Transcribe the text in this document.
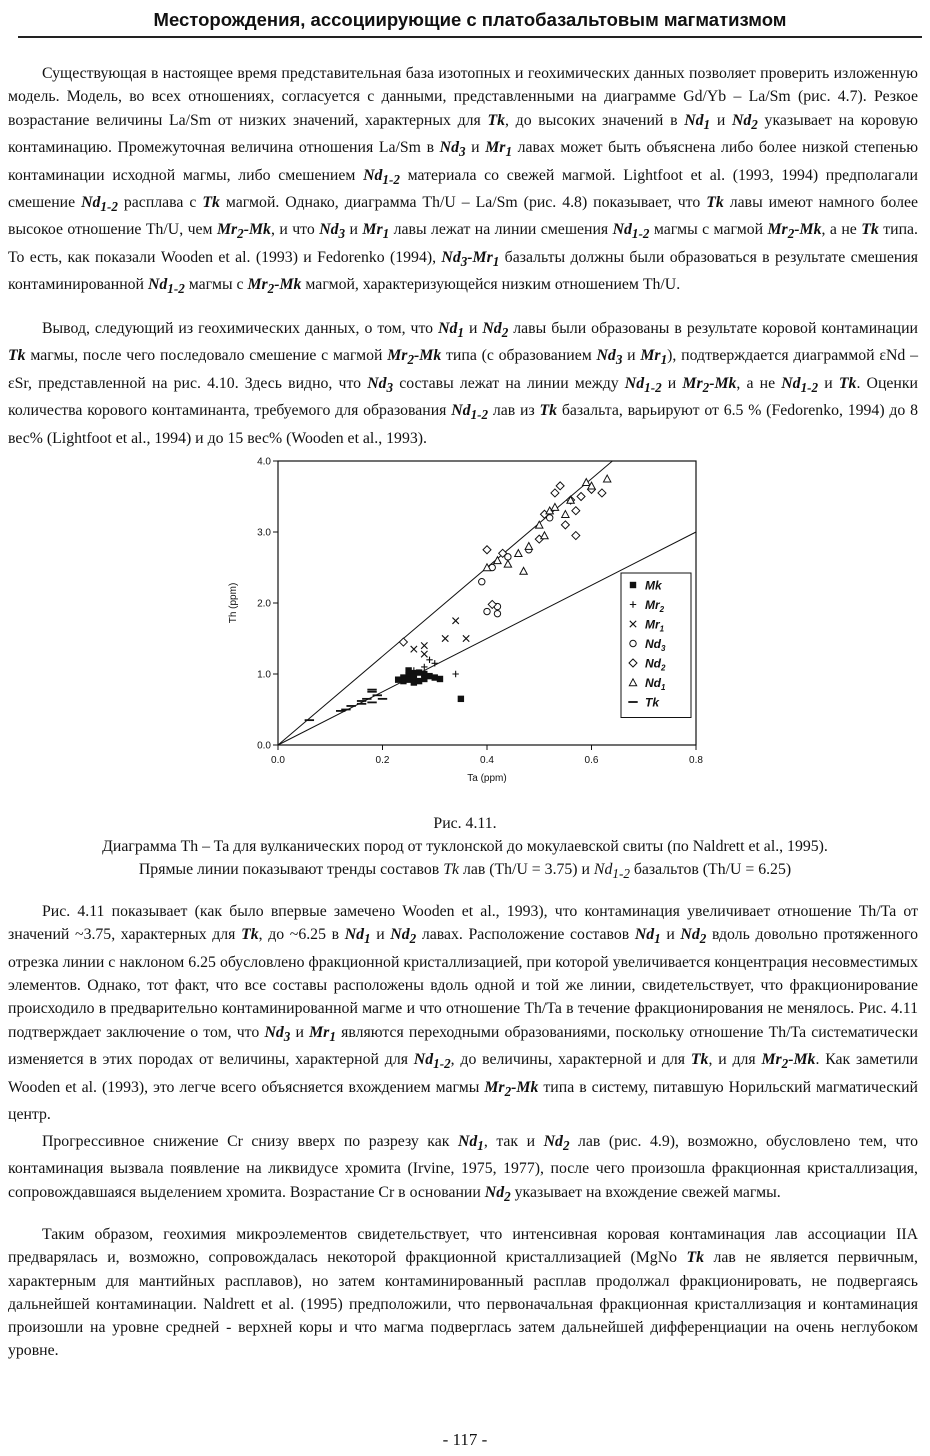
Месторождения, ассоциирующие с платобазальтовым магматизмом

Существующая в настоящее время представительная база изотопных и геохимических данных позволяет проверить изложенную модель. Модель, во всех отношениях, согласуется с данными, представленными на диаграмме Gd/Yb – La/Sm (рис. 4.7). Резкое возрастание величины La/Sm от низких значений, характерных для Tk, до высоких значений в $Nd_1$ и $Nd_2$ указывает на коровую контаминацию. Промежуточная величина отношения La/Sm в $Nd_3$ и $Mr_1$ лавах может быть объяснена либо более низкой степенью контаминации исходной магмы, либо смешением $Nd_{1-2}$ материала со свежей магмой. Lightfoot et al. (1993, 1994) предполагали смешение $Nd_{1-2}$ расплава с Tk магмой. Однако, диаграмма Th/U – La/Sm (рис. 4.8) показывает, что Tk лавы имеют намного более высокое отношение Th/U, чем $Mr_2-Mk$, и что $Nd_3$ и $Mr_1$ лавы лежат на линии смешения $Nd_{1-2}$ магмы с магмой $Mr_2-Mk$, а не Tk типа. То есть, как показали Wooden et al. (1993) и Fedorenko (1994), $Nd_3-Mr_1$ базальты должны были образоваться в результате смешения контаминированной $Nd_{1-2}$ магмы с $Mr_2-Mk$ магмой, характеризующейся низким отношением Th/U.

Вывод, следующий из геохимических данных, о том, что $Nd_1$ и $Nd_2$ лавы были образованы в результате коровой контаминации Tk магмы, после чего последовало смешение с магмой $Mr_2-Mk$ типа (с образованием $Nd_3$ и $Mr_1$), подтверждается диаграммой εNd – εSr, представленной на рис. 4.10. Здесь видно, что $Nd_3$ составы лежат на линии между $Nd_{1-2}$ и $Mr_2-Mk$, а не $Nd_{1-2}$ и Tk. Оценки количества корового контаминанта, требуемого для образования $Nd_{1-2}$ лав из Tk базальта, варьируют от 6.5 % (Fedorenko, 1994) до 8 вес% (Lightfoot et al., 1994) и до 15 вес% (Wooden et al., 1993).

0.0	0.2	0.4	0.6	0.8
0.0
1.0
2.0
3.0
4.0
Ta (ppm)
Th (ppm)	Mk
$Mr_2$
$Mr_1$
$Nd_3$
$Nd_2$
$Nd_1$
Tk
Рис. 4.11.
Диаграмма Th – Ta для вулканических пород от туклонской до мокулаевской свиты (по Naldrett et al., 1995).
Прямые линии показывают тренды составов Tk лав (Th/U = 3.75) и $Nd_{1-2}$ базальтов (Th/U = 6.25)

Рис. 4.11 показывает (как было впервые замечено Wooden et al., 1993), что контаминация увеличивает отношение Th/Ta от значений ~3.75, характерных для Tk, до ~6.25 в $Nd_1$ и $Nd_2$ лавах. Расположение составов $Nd_1$ и $Nd_2$ вдоль довольно протяженного отрезка линии с наклоном 6.25 обусловлено фракционной кристаллизацией, при которой увеличивается концентрация несовместимых элементов. Однако, тот факт, что все составы расположены вдоль одной и той же линии, свидетельствует, что фракционирование происходило в предварительно контаминированной магме и что отношение Th/Ta в течение фракционирования не менялось. Рис. 4.11 подтверждает заключение о том, что $Nd_3$ и $Mr_1$ являются переходными образованиями, поскольку отношение Th/Ta систематически изменяется в этих породах от величины, характерной для $Nd_{1-2}$, до величины, характерной и для Tk, и для $Mr_2-Mk$. Как заметили Wooden et al. (1993), это легче всего объясняется вхождением магмы $Mr_2-Mk$ типа в систему, питавшую Норильский магматический центр.

Прогрессивное снижение Cr снизу вверх по разрезу как $Nd_1$, так и $Nd_2$ лав (рис. 4.9), возможно, обусловлено тем, что контаминация вызвала появление на ликвидусе хромита (Irvine, 1975, 1977), после чего произошла фракционная кристаллизация, сопровождавшаяся выделением хромита. Возрастание Cr в основании $Nd_2$ указывает на вхождение свежей магмы.

Таким образом, геохимия микроэлементов свидетельствует, что интенсивная коровая контаминация лав ассоциации IIA предварялась и, возможно, сопровождалась некоторой фракционной кристаллизацией (MgNo Tk лав не является первичным, характерным для мантийных расплавов), но затем контаминированный расплав продолжал фракционировать, не подвергаясь дальнейшей контаминации. Naldrett et al. (1995) предположили, что первоначальная фракционная кристаллизация и контаминация произошли на уровне средней - верхней коры и что магма подверглась затем дальнейшей дифференциации на очень неглубоком уровне.

- 117 -
